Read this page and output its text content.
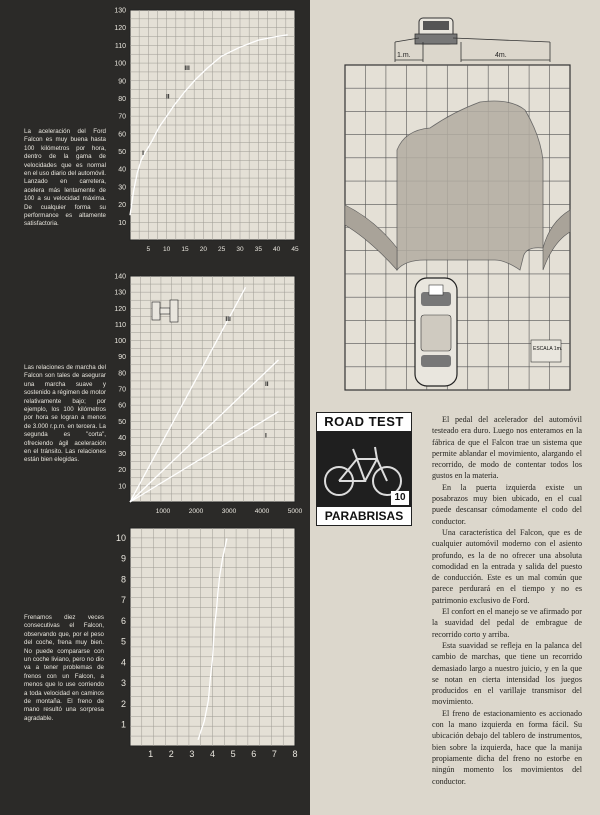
10
20
30
40
50
60
70
80
90
100
110
120
130
5 10 15 20 25 30 35 40 45
I
II
III
La aceleración del Ford Falcon es muy buena hasta 100 kilómetros por hora, dentro de la gama de velocidades que es normal en el uso diario del automóvil. Lanzado en carretera, acelera más lentamente de 100 a su velocidad máxima. De cualquier forma su performance es altamente satisfactoria.
10
20
30
40
50
60
70
80
90
100
110
120
130
140
1000	2000	3000	4000	5000
I
II
III
Las relaciones de marcha del Falcon son tales de asegurar una marcha suave y sostenido a régimen de motor relativamente bajo; por ejemplo, los 100 kilómetros por hora se logran a menos de 3.000 r.p.m. en tercera. La segunda es "corta", ofreciendo ágil aceleración en el tránsito. Las relaciones están bien elegidas.
1
2
3
4
5
6
7
8
9
10
1 2 3 4 5 6 7 8
Frenamos diez veces consecutivas el Falcon, observando que, por el peso del coche, frena muy bien. No puede compararse con un coche liviano, pero no dio va a tener problemas de frenos con un Falcon, a menos que lo use corriendo a toda velocidad en caminos de montaña. El freno de mano resultó una sorpresa agradable.
1.m.	4m.
ESCALA 1m.
ROAD TEST
10
PARABRISAS

El pedal del acelerador del automóvil testeado era duro. Luego nos enteramos en la fábrica de que el Falcon trae un sistema que permite ablandar el movimiento, alargando el recorrido, de modo de contentar todos los gustos en la materia.

En la puerta izquierda existe un posabrazos muy bien ubicado, en el cual puede descansar cómodamente el codo del conductor.

Una característica del Falcon, que es de cualquier automóvil moderno con el asiento profundo, es la de no ofrecer una absoluta comodidad en la entrada y salida del puesto de conducción. Este es un mal común que parece perdurará en el tiempo y no es patrimonio exclusivo de Ford.

El confort en el manejo se ve afirmado por la suavidad del pedal de embrague de recorrido corto y arriba.

Esta suavidad se refleja en la palanca del cambio de marchas, que tiene un recorrido demasiado largo a nuestro juicio, y en la que se notan en cierta intensidad los juegos producidos en el varillaje transmisor del movimiento.

El freno de estacionamiento es accionado con la mano izquierda en forma fácil. Su ubicación debajo del tablero de instrumentos, bien sobre la izquierda, hace que la manija propiamente dicha del freno no estorbe en ningún momento los movimientos del conductor.
